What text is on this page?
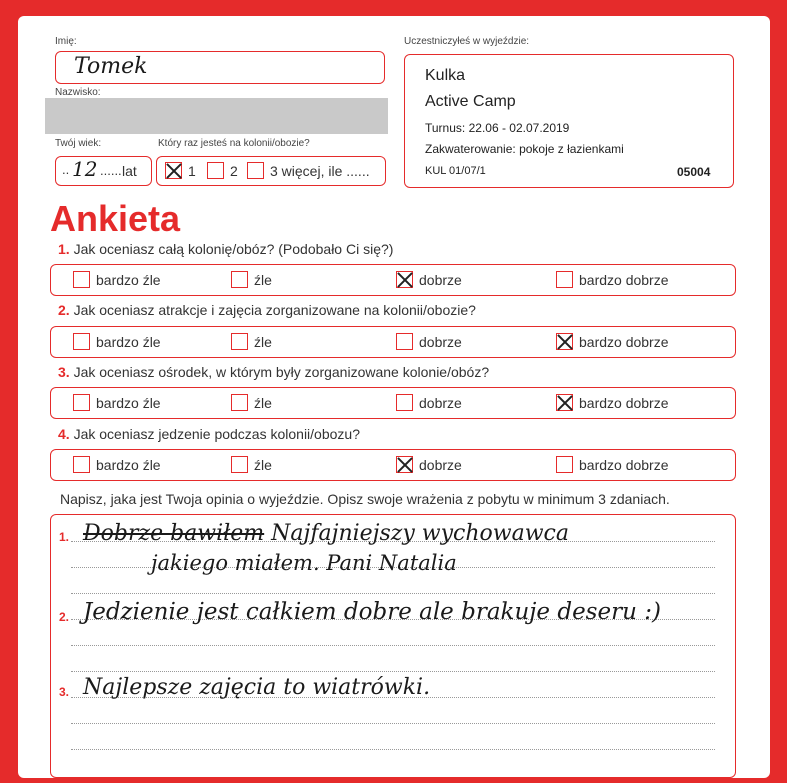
Imię:
Tomek
Nazwisko:
Twój wiek:
.. 12 ...... lat
Który raz jesteś na kolonii/obozie?
1 2 3 więcej, ile ......
Uczestniczyłeś w wyjeździe:
Kulka
Active Camp
Turnus: 22.06 - 02.07.2019
Zakwaterowanie: pokoje z łazienkami
KUL 01/07/1	05004
Ankieta
1. Jak oceniasz całą kolonię/obóz? (Podobało Ci się?)
bardzo źle	źle	dobrze	bardzo dobrze
2. Jak oceniasz atrakcje i zajęcia zorganizowane na kolonii/obozie?
bardzo źle	źle	dobrze	bardzo dobrze
3. Jak oceniasz ośrodek, w którym były zorganizowane kolonie/obóz?
bardzo źle	źle	dobrze	bardzo dobrze
4. Jak oceniasz jedzenie podczas kolonii/obozu?
bardzo źle	źle	dobrze	bardzo dobrze
Napisz, jaka jest Twoja opinia o wyjeździe. Opisz swoje wrażenia z pobytu w minimum 3 zdaniach.
1. Dobrze bawiłem Najfajniejszy wychowawca
jakiego miałem. Pani Natalia
2. Jedzienie jest całkiem dobre ale brakuje deseru :)
3. Najlepsze zajęcia to wiatrówki.
